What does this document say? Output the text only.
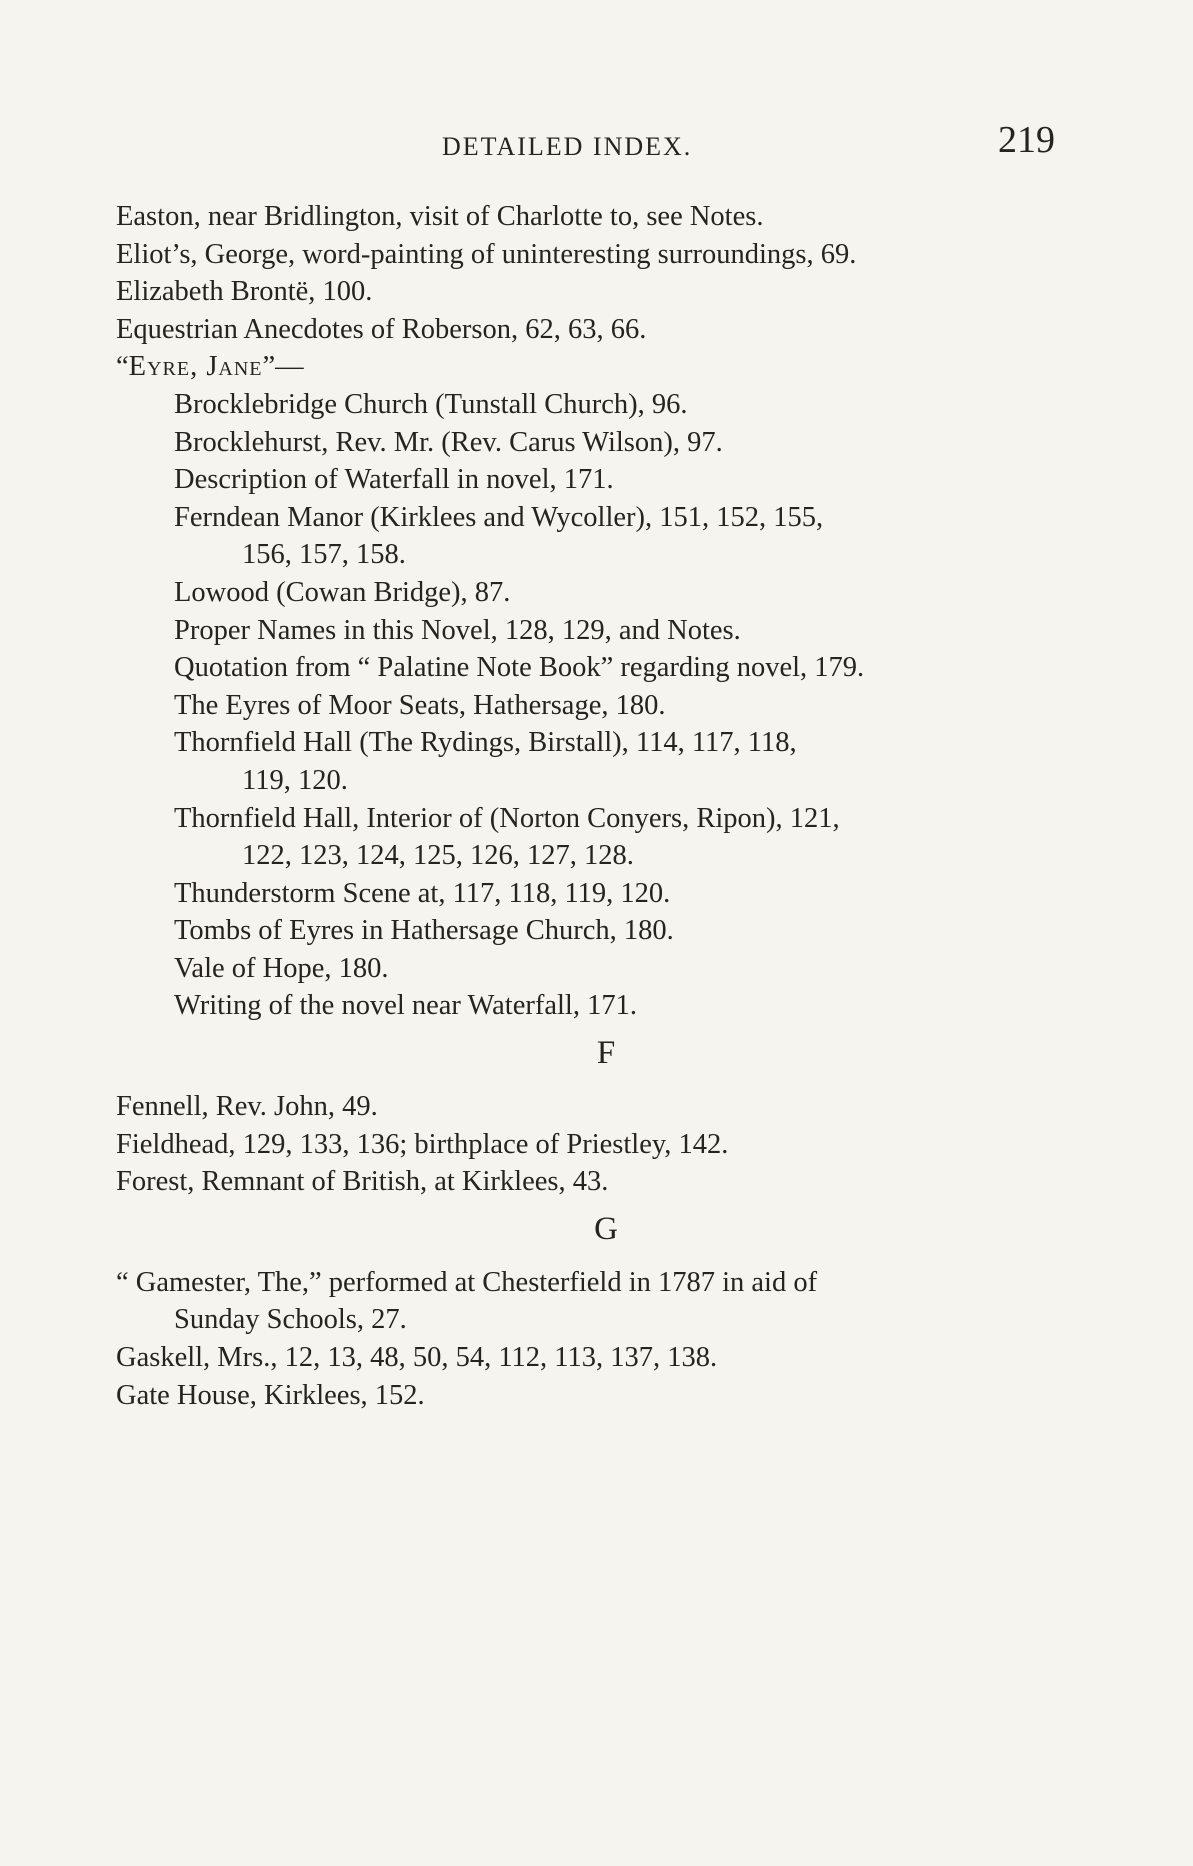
DETAILED INDEX.	219
Easton, near Bridlington, visit of Charlotte to, see Notes.
Eliot’s, George, word-painting of uninteresting surroundings, 69.
Elizabeth Brontë, 100.
Equestrian Anecdotes of Roberson, 62, 63, 66.
“Eyre, Jane”—
Brocklebridge Church (Tunstall Church), 96.
Brocklehurst, Rev. Mr. (Rev. Carus Wilson), 97.
Description of Waterfall in novel, 171.
Ferndean Manor (Kirklees and Wycoller), 151, 152, 155,
156, 157, 158.
Lowood (Cowan Bridge), 87.
Proper Names in this Novel, 128, 129, and Notes.
Quotation from “ Palatine Note Book” regarding novel, 179.
The Eyres of Moor Seats, Hathersage, 180.
Thornfield Hall (The Rydings, Birstall), 114, 117, 118,
119, 120.
Thornfield Hall, Interior of (Norton Conyers, Ripon), 121,
122, 123, 124, 125, 126, 127, 128.
Thunderstorm Scene at, 117, 118, 119, 120.
Tombs of Eyres in Hathersage Church, 180.
Vale of Hope, 180.
Writing of the novel near Waterfall, 171.
F
Fennell, Rev. John, 49.
Fieldhead, 129, 133, 136; birthplace of Priestley, 142.
Forest, Remnant of British, at Kirklees, 43.
G
“ Gamester, The,” performed at Chesterfield in 1787 in aid of
Sunday Schools, 27.
Gaskell, Mrs., 12, 13, 48, 50, 54, 112, 113, 137, 138.
Gate House, Kirklees, 152.
